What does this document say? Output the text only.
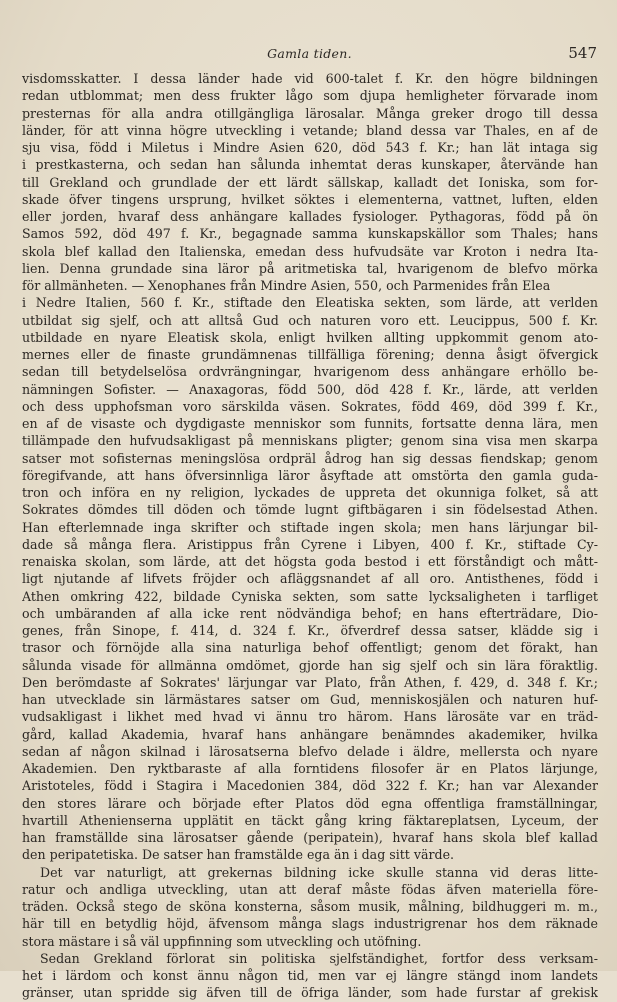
Gamla tiden.	547
visdomsskatter. I dessa länder hade vid 600-talet f. Kr. den högre bildningen
redan utblommat; men dess frukter lågo som djupa hemligheter förvarade inom
presternas för alla andra otillgängliga lärosalar. Många greker drogo till dessa
länder, för att vinna högre utveckling i vetande; bland dessa var Thales, en af de
sju visa, född i Miletus i Mindre Asien 620, död 543 f. Kr.; han lät intaga sig
i prestkasterna, och sedan han sålunda inhemtat deras kunskaper, återvände han
till Grekland och grundlade der ett lärdt sällskap, kalladt det Ioniska, som for-
skade öfver tingens ursprung, hvilket söktes i elementerna, vattnet, luften, elden
eller jorden, hvaraf dess anhängare kallades fysiologer. Pythagoras, född på ön
Samos 592, död 497 f. Kr., begagnade samma kunskapskällor som Thales; hans
skola blef kallad den Italienska, emedan dess hufvudsäte var Kroton i nedra Ita-
lien. Denna grundade sina läror på aritmetiska tal, hvarigenom de blefvo mörka
för allmänheten. — Xenophanes från Mindre Asien, 550, och Parmenides från Elea
i Nedre Italien, 560 f. Kr., stiftade den Eleatiska sekten, som lärde, att verlden
utbildat sig sjelf, och att alltså Gud och naturen voro ett. Leucippus, 500 f. Kr.
utbildade en nyare Eleatisk skola, enligt hvilken allting uppkommit genom ato-
mernes eller de finaste grundämnenas tillfälliga förening; denna åsigt öfvergick
sedan till betydelselösa ordvrängningar, hvarigenom dess anhängare erhöllo be-
nämningen Sofister. — Anaxagoras, född 500, död 428 f. Kr., lärde, att verlden
och dess upphofsman voro särskilda väsen. Sokrates, född 469, död 399 f. Kr.,
en af de visaste och dygdigaste menniskor som funnits, fortsatte denna lära, men
tillämpade den hufvudsakligast på menniskans pligter; genom sina visa men skarpa
satser mot sofisternas meningslösa ordpräl ådrog han sig dessas fiendskap; genom
föregifvande, att hans öfversinnliga läror åsyftade att omstörta den gamla guda-
tron och införa en ny religion, lyckades de uppreta det okunniga folket, så att
Sokrates dömdes till döden och tömde lugnt giftbägaren i sin födelsestad Athen.
Han efterlemnade inga skrifter och stiftade ingen skola; men hans lärjungar bil-
dade så många flera. Aristippus från Cyrene i Libyen, 400 f. Kr., stiftade Cy-
renaiska skolan, som lärde, att det högsta goda bestod i ett förståndigt och mått-
ligt njutande af lifvets fröjder och afläggsnandet af all oro. Antisthenes, född i
Athen omkring 422, bildade Cyniska sekten, som satte lycksaligheten i tarfliget
och umbäranden af alla icke rent nödvändiga behof; en hans efterträdare, Dio-
genes, från Sinope, f. 414, d. 324 f. Kr., öfverdref dessa satser, klädde sig i
trasor och förnöjde alla sina naturliga behof offentligt; genom det förakt, han
sålunda visade för allmänna omdömet, gjorde han sig sjelf och sin lära föraktlig.
Den berömdaste af Sokrates' lärjungar var Plato, från Athen, f. 429, d. 348 f. Kr.;
han utvecklade sin lärmästares satser om Gud, menniskosjälen och naturen huf-
vudsakligast i likhet med hvad vi ännu tro härom. Hans lärosäte var en träd-
gård, kallad Akademia, hvaraf hans anhängare benämndes akademiker, hvilka
sedan af någon skilnad i lärosatserna blefvo delade i äldre, mellersta och nyare
Akademien. Den ryktbaraste af alla forntidens filosofer är en Platos lärjunge,
Aristoteles, född i Stagira i Macedonien 384, död 322 f. Kr.; han var Alexander
den stores lärare och började efter Platos död egna offentliga framställningar,
hvartill Athenienserna upplätit en täckt gång kring fäktareplatsen, Lyceum, der
han framställde sina lärosatser gående (peripatein), hvaraf hans skola blef kallad
den peripatetiska. De satser han framstälde ega än i dag sitt värde.
Det var naturligt, att grekernas bildning icke skulle stanna vid deras litte-
ratur och andliga utveckling, utan att deraf måste födas äfven materiella före-
träden. Också stego de sköna konsterna, såsom musik, målning, bildhuggeri m. m.,
här till en betydlig höjd, äfvensom många slags industrigrenar hos dem räknade
stora mästare i så väl uppfinning som utveckling och utöfning.
Sedan Grekland förlorat sin politiska sjelfständighet, fortfor dess verksam-
het i lärdom och konst ännu någon tid, men var ej längre stängd inom landets
gränser, utan spridde sig äfven till de öfriga länder, som hade furstar af grekisk
